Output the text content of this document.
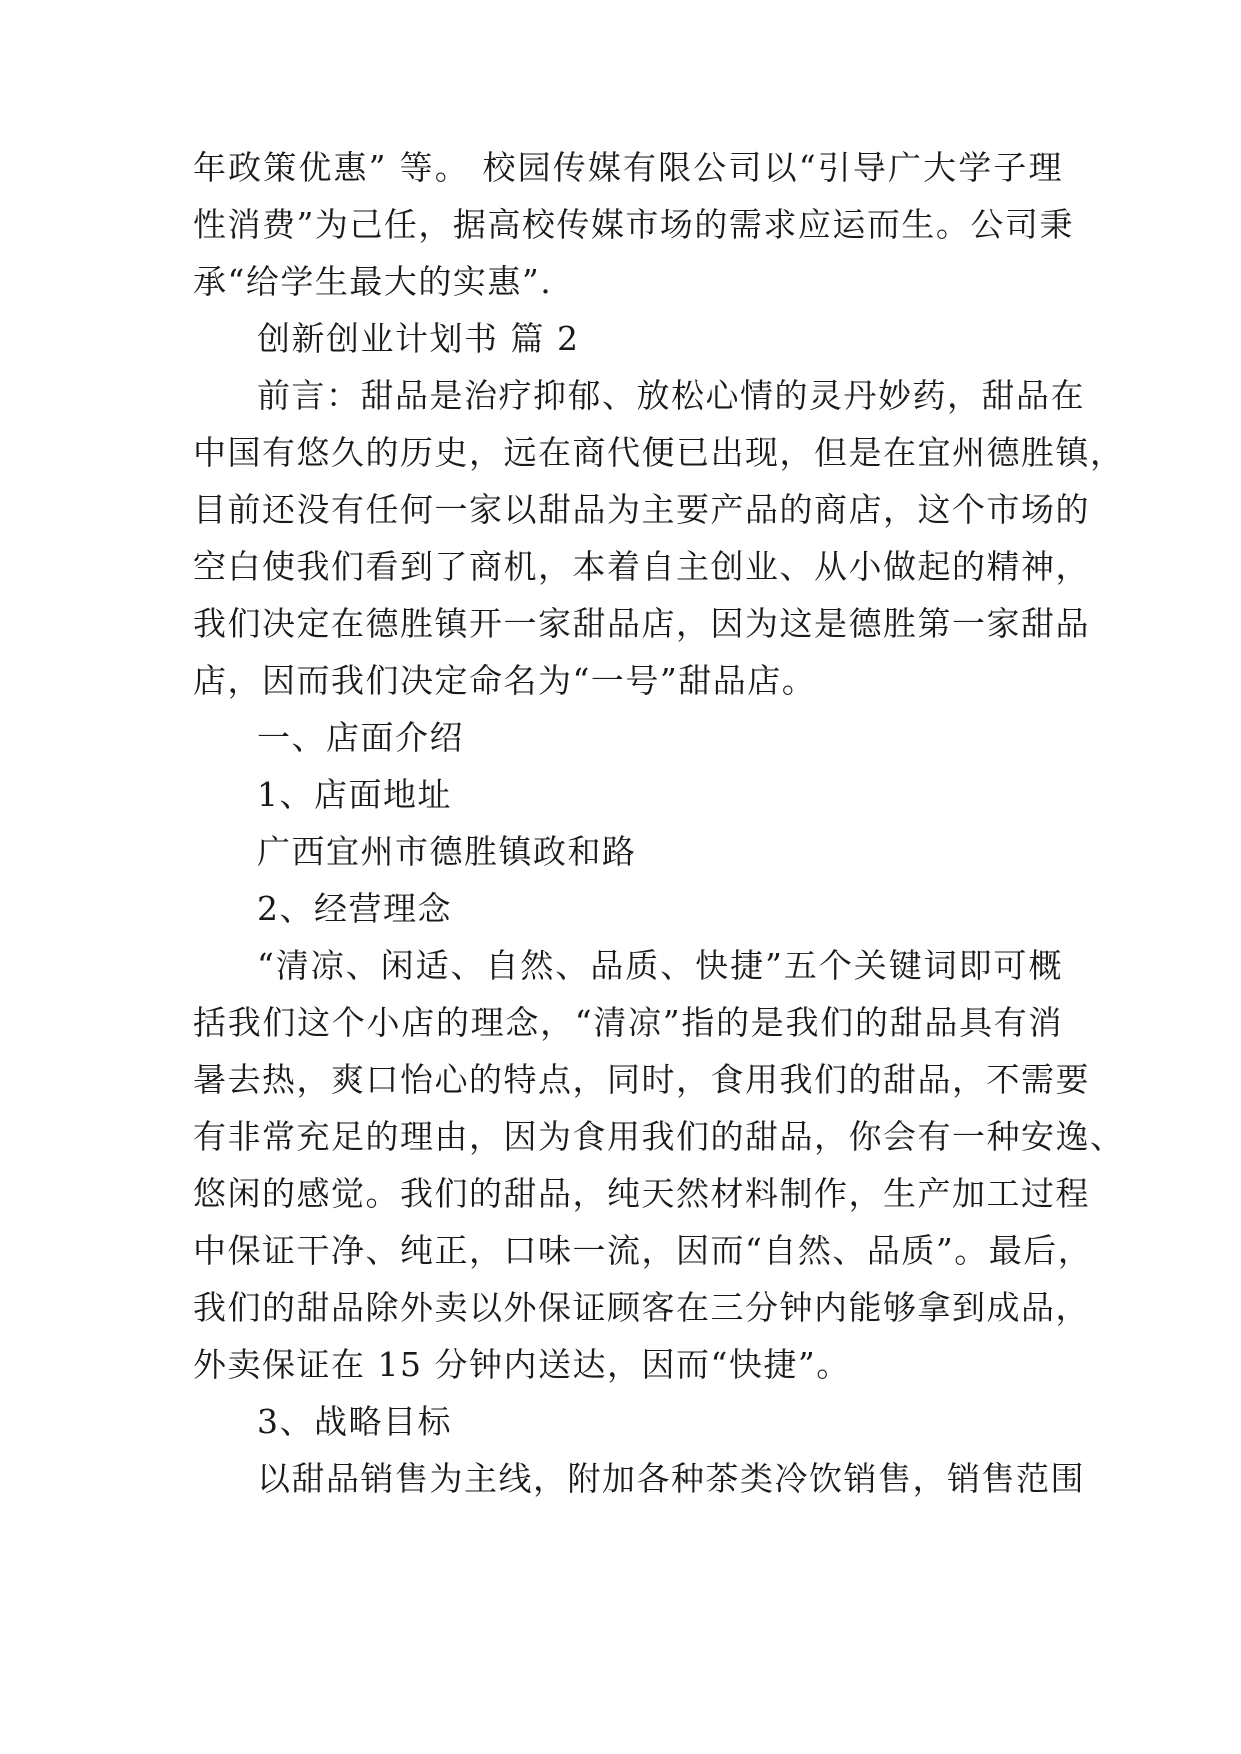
年政策优惠” 等。 校园传媒有限公司以“引导广大学子理
性消费”为己任，据高校传媒市场的需求应运而生。公司秉
承“给学生最大的实惠”.
创新创业计划书 篇 2
前言：甜品是治疗抑郁、放松心情的灵丹妙药，甜品在
中国有悠久的历史，远在商代便已出现，但是在宜州德胜镇，
目前还没有任何一家以甜品为主要产品的商店，这个市场的
空白使我们看到了商机，本着自主创业、从小做起的精神，
我们决定在德胜镇开一家甜品店，因为这是德胜第一家甜品
店，因而我们决定命名为“一号”甜品店。
一、店面介绍
1、店面地址
广西宜州市德胜镇政和路
2、经营理念
“清凉、闲适、自然、品质、快捷”五个关键词即可概
括我们这个小店的理念，“清凉”指的是我们的甜品具有消
暑去热，爽口怡心的特点，同时，食用我们的甜品，不需要
有非常充足的理由，因为食用我们的甜品，你会有一种安逸、
悠闲的感觉。我们的甜品，纯天然材料制作，生产加工过程
中保证干净、纯正，口味一流，因而“自然、品质”。最后，
我们的甜品除外卖以外保证顾客在三分钟内能够拿到成品，
外卖保证在 15 分钟内送达，因而“快捷”。
3、战略目标
以甜品销售为主线，附加各种茶类冷饮销售，销售范围
